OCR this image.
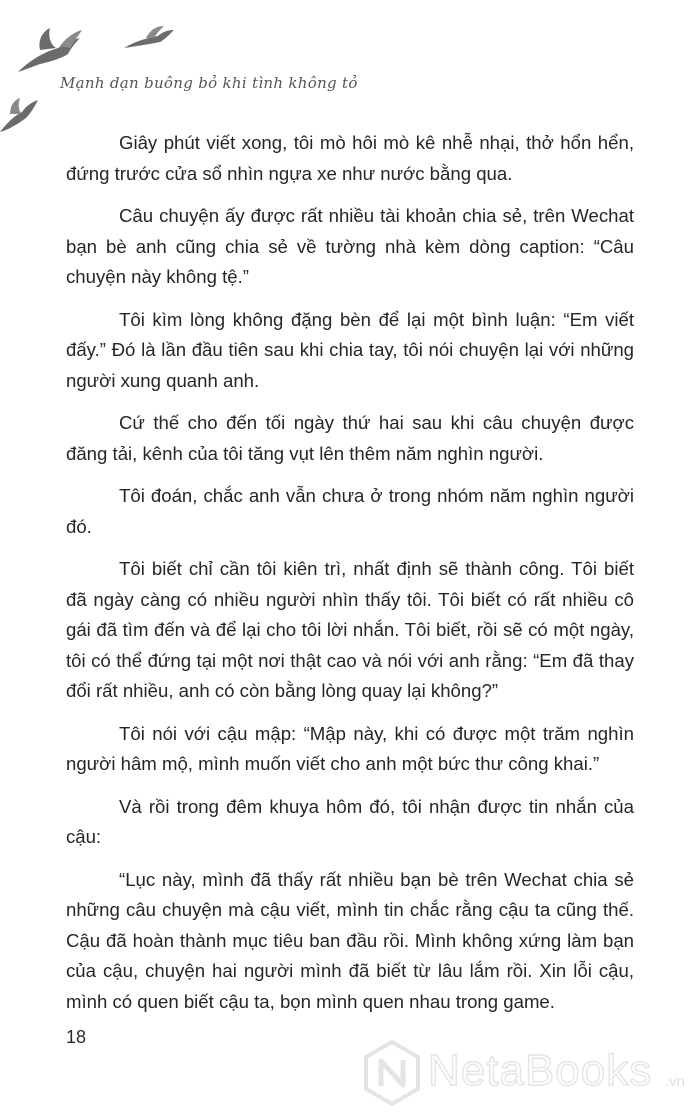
Mạnh dạn buông bỏ khi tình không tỏ

Giây phút viết xong, tôi mò hôi mò kê nhễ nhại, thở hổn hển, đứng trước cửa sổ nhìn ngựa xe như nước bằng qua.

Câu chuyện ấy được rất nhiều tài khoản chia sẻ, trên Wechat bạn bè anh cũng chia sẻ về tường nhà kèm dòng caption: “Câu chuyện này không tệ.”

Tôi kìm lòng không đặng bèn để lại một bình luận: “Em viết đấy.” Đó là lần đầu tiên sau khi chia tay, tôi nói chuyện lại với những người xung quanh anh.

Cứ thế cho đến tối ngày thứ hai sau khi câu chuyện được đăng tải, kênh của tôi tăng vụt lên thêm năm nghìn người.

Tôi đoán, chắc anh vẫn chưa ở trong nhóm năm nghìn người đó.

Tôi biết chỉ cần tôi kiên trì, nhất định sẽ thành công. Tôi biết đã ngày càng có nhiều người nhìn thấy tôi. Tôi biết có rất nhiều cô gái đã tìm đến và để lại cho tôi lời nhắn. Tôi biết, rồi sẽ có một ngày, tôi có thể đứng tại một nơi thật cao và nói với anh rằng: “Em đã thay đổi rất nhiều, anh có còn bằng lòng quay lại không?”

Tôi nói với cậu mập: “Mập này, khi có được một trăm nghìn người hâm mộ, mình muốn viết cho anh một bức thư công khai.”

Và rồi trong đêm khuya hôm đó, tôi nhận được tin nhắn của cậu:

“Lục này, mình đã thấy rất nhiều bạn bè trên Wechat chia sẻ những câu chuyện mà cậu viết, mình tin chắc rằng cậu ta cũng thế. Cậu đã hoàn thành mục tiêu ban đầu rồi. Mình không xứng làm bạn của cậu, chuyện hai người mình đã biết từ lâu lắm rồi. Xin lỗi cậu, mình có quen biết cậu ta, bọn mình quen nhau trong game.

18
NetaBooks .vn
